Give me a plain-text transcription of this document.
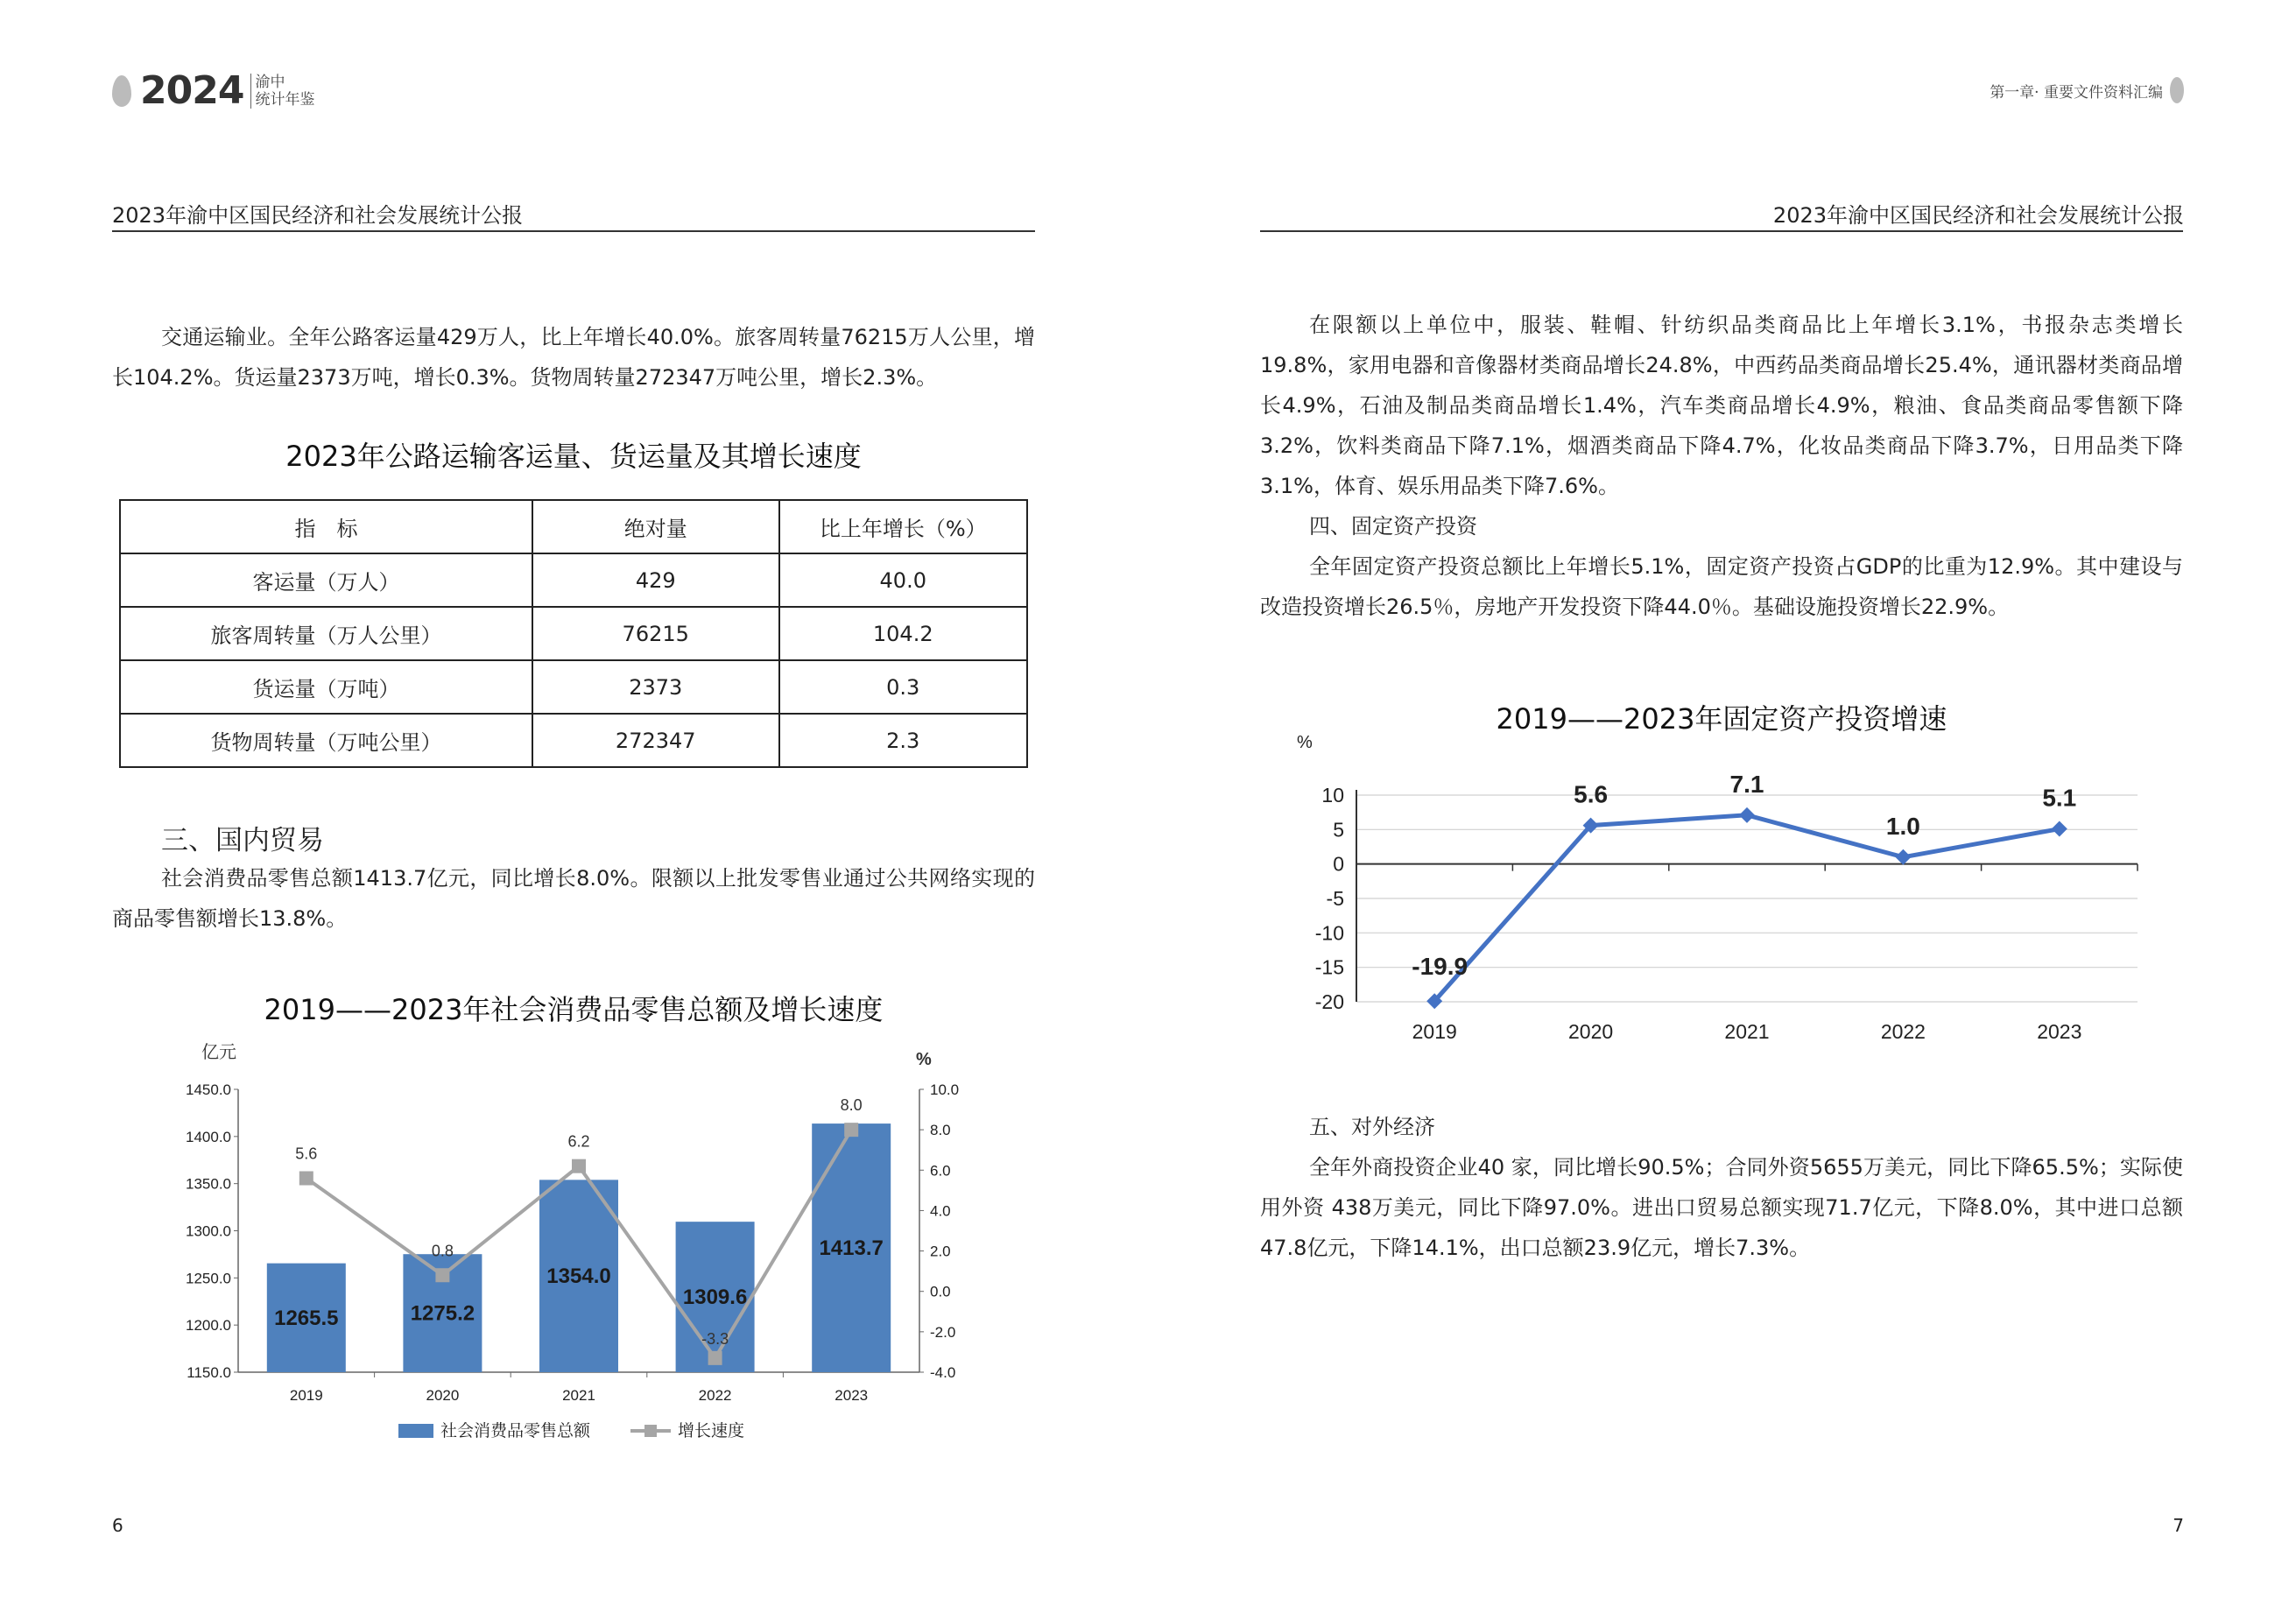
2024 渝中
统计年鉴
2023年渝中区国民经济和社会发展统计公报

交通运输业。全年公路客运量429万人，比上年增长40.0%。旅客周转量76215万人公里，增长104.2%。货运量2373万吨，增长0.3%。货物周转量272347万吨公里，增长2.3%。

2023年公路运输客运量、货运量及其增长速度
指　标	绝对量	比上年增长（%）
客运量（万人）	429	40.0
旅客周转量（万人公里）	76215	104.2
货运量（万吨）	2373	0.3
货物周转量（万吨公里）	272347	2.3
三、国内贸易

社会消费品零售总额1413.7亿元，同比增长8.0%。限额以上批发零售业通过公共网络实现的商品零售额增长13.8%。

2019——2023年社会消费品零售总额及增长速度
亿元	%
1150.0
1200.0
1250.0
1300.0
1350.0
1400.0
1450.0
-4.0
-2.0
0.0
2.0
4.0
6.0
8.0
10.0
1265.5
2019
1275.2
2020
1354.0
2021
1309.6
2022
1413.7
2023
5.6
0.8
6.2
-3.3
8.0
社会消费品零售总额	增长速度
6
第一章· 重要文件资料汇编
2023年渝中区国民经济和社会发展统计公报

在限额以上单位中，服装、鞋帽、针纺织品类商品比上年增长3.1%，书报杂志类增长19.8%，家用电器和音像器材类商品增长24.8%，中西药品类商品增长25.4%，通讯器材类商品增长4.9%，石油及制品类商品增长1.4%，汽车类商品增长4.9%，粮油、食品类商品零售额下降3.2%，饮料类商品下降7.1%，烟酒类商品下降4.7%，化妆品类商品下降3.7%，日用品类下降3.1%，体育、娱乐用品类下降7.6%。

四、固定资产投资

全年固定资产投资总额比上年增长5.1%，固定资产投资占GDP的比重为12.9%。其中建设与改造投资增长26.5％，房地产开发投资下降44.0％。基础设施投资增长22.9%。

2019——2023年固定资产投资增速
%
-20
-15
-10
-5
0
5
10
-19.9
2019
5.6
2020
7.1
2021
1.0
2022
5.1
2023

五、对外经济

全年外商投资企业40 家，同比增长90.5%；合同外资5655万美元，同比下降65.5%；实际使用外资 438万美元，同比下降97.0%。进出口贸易总额实现71.7亿元，下降8.0%，其中进口总额47.8亿元，下降14.1%，出口总额23.9亿元，增长7.3%。

7
